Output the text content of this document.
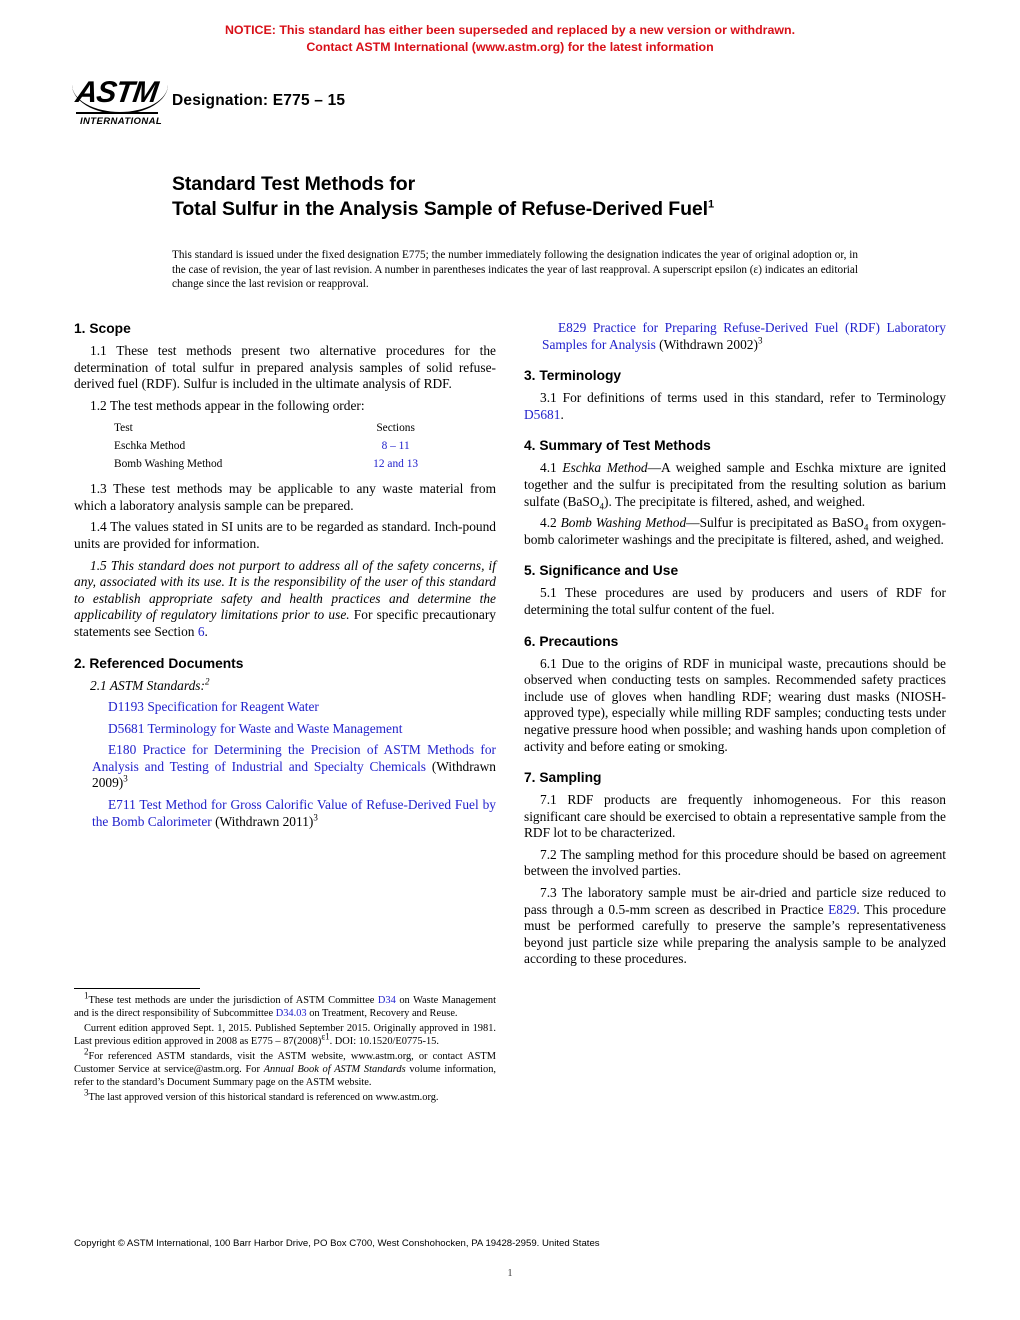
NOTICE: This standard has either been superseded and replaced by a new version or withdrawn.
Contact ASTM International (www.astm.org) for the latest information
ASTM
INTERNATIONAL
Designation: E775 – 15
Standard Test Methods for
Total Sulfur in the Analysis Sample of Refuse-Derived Fuel$^1$
This standard is issued under the fixed designation E775; the number immediately following the designation indicates the year of original adoption or, in the case of revision, the year of last revision. A number in parentheses indicates the year of last reapproval. A superscript epsilon (ε) indicates an editorial change since the last revision or reapproval.
1. Scope

1.1 These test methods present two alternative procedures for the determination of total sulfur in prepared analysis samples of solid refuse-derived fuel (RDF). Sulfur is included in the ultimate analysis of RDF.

1.2 The test methods appear in the following order:

Test	Sections
Eschka Method	8 – 11
Bomb Washing Method	12 and 13

1.3 These test methods may be applicable to any waste material from which a laboratory analysis sample can be prepared.

1.4 The values stated in SI units are to be regarded as standard. Inch-pound units are provided for information.

1.5 This standard does not purport to address all of the safety concerns, if any, associated with its use. It is the responsibility of the user of this standard to establish appropriate safety and health practices and determine the applicability of regulatory limitations prior to use. For specific precautionary statements see Section 6.

2. Referenced Documents

2.1 ASTM Standards:$^2$

D1193 Specification for Reagent Water

D5681 Terminology for Waste and Waste Management

E180 Practice for Determining the Precision of ASTM Methods for Analysis and Testing of Industrial and Specialty Chemicals (Withdrawn 2009)$^3$

E711 Test Method for Gross Calorific Value of Refuse-Derived Fuel by the Bomb Calorimeter (Withdrawn 2011)$^3$

E829 Practice for Preparing Refuse-Derived Fuel (RDF) Laboratory Samples for Analysis (Withdrawn 2002)$^3$

3. Terminology

3.1 For definitions of terms used in this standard, refer to Terminology D5681.

4. Summary of Test Methods

4.1 Eschka Method—A weighed sample and Eschka mixture are ignited together and the sulfur is precipitated from the resulting solution as barium sulfate (BaSO$_4$). The precipitate is filtered, ashed, and weighed.

4.2 Bomb Washing Method—Sulfur is precipitated as BaSO$_4$ from oxygen-bomb calorimeter washings and the precipitate is filtered, ashed, and weighed.

5. Significance and Use

5.1 These procedures are used by producers and users of RDF for determining the total sulfur content of the fuel.

6. Precautions

6.1 Due to the origins of RDF in municipal waste, precautions should be observed when conducting tests on samples. Recommended safety practices include use of gloves when handling RDF; wearing dust masks (NIOSH-approved type), especially while milling RDF samples; conducting tests under negative pressure hood when possible; and washing hands upon completion of activity and before eating or smoking.

7. Sampling

7.1 RDF products are frequently inhomogeneous. For this reason significant care should be exercised to obtain a representative sample from the RDF lot to be characterized.

7.2 The sampling method for this procedure should be based on agreement between the involved parties.

7.3 The laboratory sample must be air-dried and particle size reduced to pass through a 0.5-mm screen as described in Practice E829. This procedure must be performed carefully to preserve the sample’s representativeness beyond just particle size while preparing the analysis sample to be analyzed according to these procedures.

$^1$These test methods are under the jurisdiction of ASTM Committee D34 on Waste Management and is the direct responsibility of Subcommittee D34.03 on Treatment, Recovery and Reuse.

Current edition approved Sept. 1, 2015. Published September 2015. Originally approved in 1981. Last previous edition approved in 2008 as $E775 - 87(2008)^{\varepsilon 1}$. DOI: 10.1520/E0775-15.

$^2$For referenced ASTM standards, visit the ASTM website, www.astm.org, or contact ASTM Customer Service at service@astm.org. For Annual Book of ASTM Standards volume information, refer to the standard’s Document Summary page on the ASTM website.

$^3$The last approved version of this historical standard is referenced on www.astm.org.

Copyright © ASTM International, 100 Barr Harbor Drive, PO Box C700, West Conshohocken, PA 19428-2959. United States
1
